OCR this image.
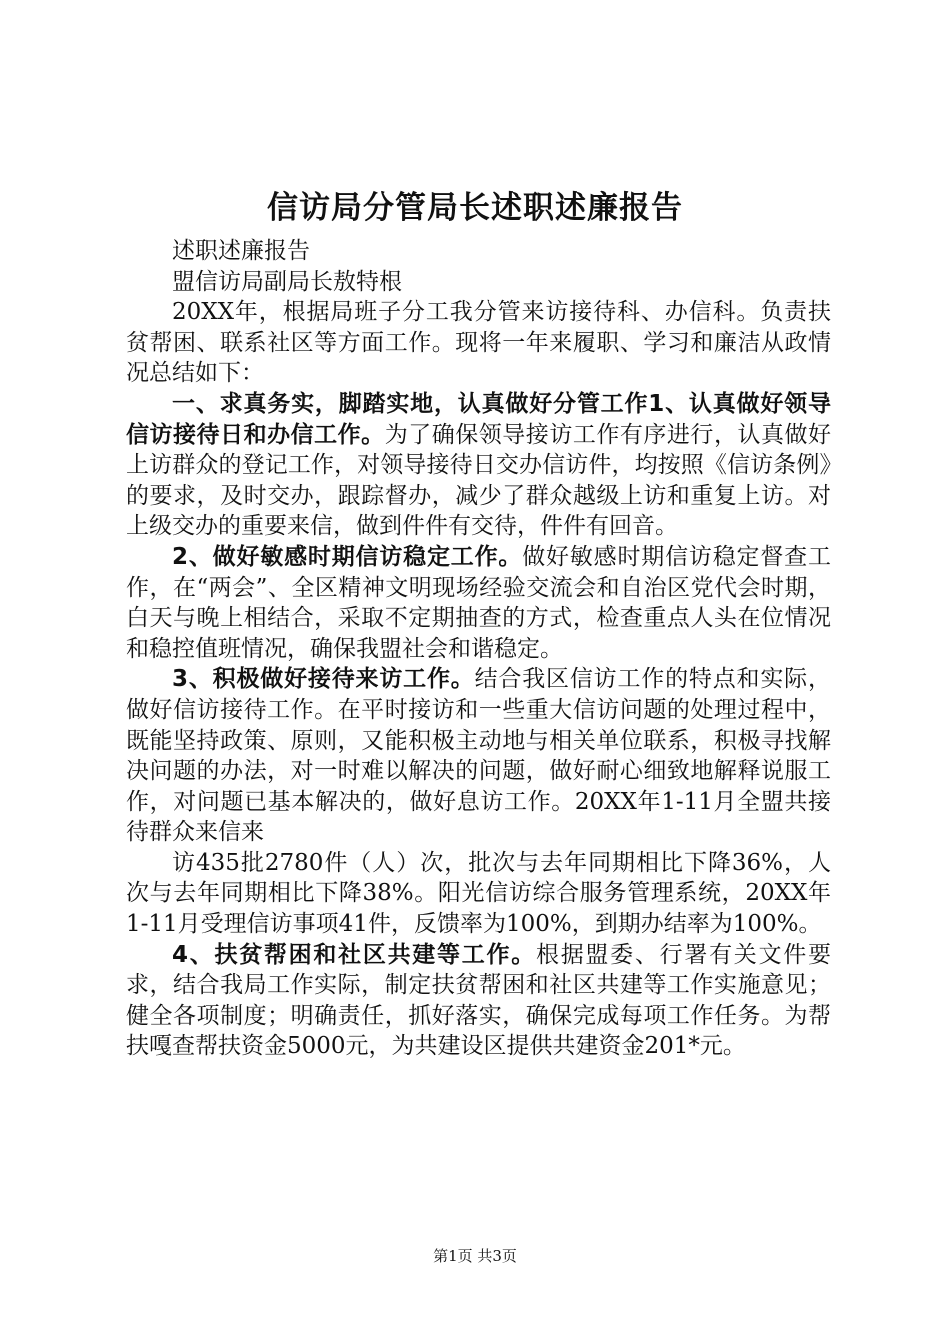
信访局分管局长述职述廉报告

述职述廉报告

盟信访局副局长敖特根

20XX年，根据局班子分工我分管来访接待科、办信科。负责扶贫帮困、联系社区等方面工作。现将一年来履职、学习和廉洁从政情况总结如下：

一、求真务实，脚踏实地，认真做好分管工作1、认真做好领导信访接待日和办信工作。为了确保领导接访工作有序进行，认真做好上访群众的登记工作，对领导接待日交办信访件，均按照《信访条例》的要求，及时交办，跟踪督办，减少了群众越级上访和重复上访。对上级交办的重要来信，做到件件有交待，件件有回音。

2、做好敏感时期信访稳定工作。做好敏感时期信访稳定督查工作，在“两会”、全区精神文明现场经验交流会和自治区党代会时期，白天与晚上相结合，采取不定期抽查的方式，检查重点人头在位情况和稳控值班情况，确保我盟社会和谐稳定。

3、积极做好接待来访工作。结合我区信访工作的特点和实际，做好信访接待工作。在平时接访和一些重大信访问题的处理过程中，既能坚持政策、原则，又能积极主动地与相关单位联系，积极寻找解决问题的办法，对一时难以解决的问题，做好耐心细致地解释说服工作，对问题已基本解决的，做好息访工作。20XX年1-11月全盟共接待群众来信来

访435批2780件（人）次，批次与去年同期相比下降36%，人次与去年同期相比下降38%。阳光信访综合服务管理系统，20XX年1-11月受理信访事项41件，反馈率为100%，到期办结率为100%。

4、扶贫帮困和社区共建等工作。根据盟委、行署有关文件要求，结合我局工作实际，制定扶贫帮困和社区共建等工作实施意见；健全各项制度；明确责任，抓好落实，确保完成每项工作任务。为帮扶嘎查帮扶资金5000元，为共建设区提供共建资金201*元。

第1页 共3页
